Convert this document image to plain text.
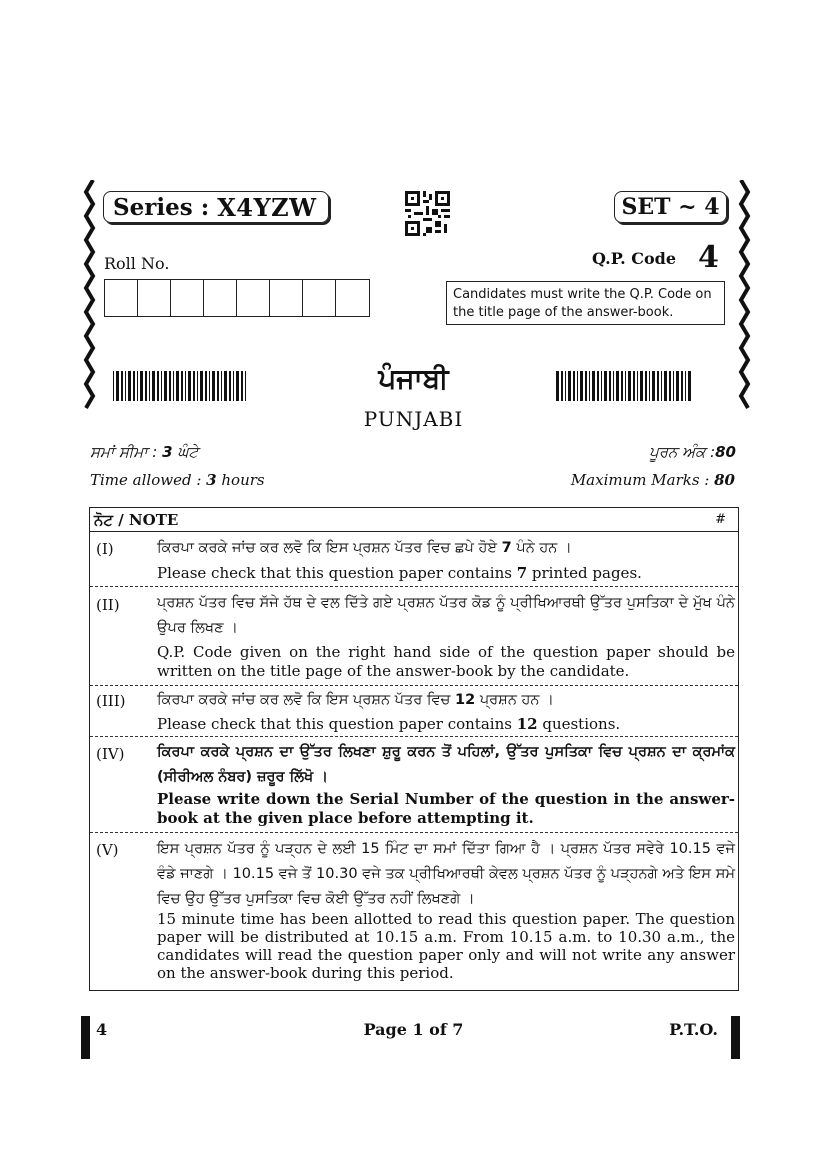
Series : X4YZW	SET ~ 4
Roll No.	Q.P. Code 4
Candidates must write the Q.P. Code on the title page of the answer-book.
ਪੰਜਾਬੀ
PUNJABI
ਸਮਾਂ ਸੀਮਾ : 3 ਘੰਟੇ	ਪੂਰਨ ਅੰਕ :80
Time allowed : 3 hours	Maximum Marks : 80
ਨੋਟ / NOTE	#
(I)	ਕਿਰਪਾ ਕਰਕੇ ਜਾਂਚ ਕਰ ਲਵੋ ਕਿ ਇਸ ਪ੍ਰਸ਼ਨ ਪੱਤਰ ਵਿਚ ਛਪੇ ਹੋਏ 7 ਪੰਨੇ ਹਨ ।
Please check that this question paper contains 7 printed pages.
(II)	ਪ੍ਰਸ਼ਨ ਪੱਤਰ ਵਿਚ ਸੱਜੇ ਹੱਥ ਦੇ ਵਲ ਦਿੱਤੇ ਗਏ ਪ੍ਰਸ਼ਨ ਪੱਤਰ ਕੋਡ ਨੂੰ ਪ੍ਰੀਖਿਆਰਥੀ ਉੱਤਰ ਪੁਸਤਿਕਾ ਦੇ ਮੁੱਖ ਪੰਨੇ ਉਪਰ ਲਿਖਣ ।
Q.P. Code given on the right hand side of the question paper should be written on the title page of the answer-book by the candidate.
(III) ਕਿਰਪਾ ਕਰਕੇ ਜਾਂਚ ਕਰ ਲਵੋ ਕਿ ਇਸ ਪ੍ਰਸ਼ਨ ਪੱਤਰ ਵਿਚ 12 ਪ੍ਰਸ਼ਨ ਹਨ ।
Please check that this question paper contains 12 questions.
(IV) ਕਿਰਪਾ ਕਰਕੇ ਪ੍ਰਸ਼ਨ ਦਾ ਉੱਤਰ ਲਿਖਣਾ ਸ਼ੁਰੂ ਕਰਨ ਤੋਂ ਪਹਿਲਾਂ, ਉੱਤਰ ਪੁਸਤਿਕਾ ਵਿਚ ਪ੍ਰਸ਼ਨ ਦਾ ਕ੍ਰਮਾਂਕ (ਸੀਰੀਅਲ ਨੰਬਰ) ਜ਼ਰੂਰ ਲਿੱਖੋ ।
Please write down the Serial Number of the question in the answer-book at the given place before attempting it.
(V)	ਇਸ ਪ੍ਰਸ਼ਨ ਪੱਤਰ ਨੂੰ ਪੜ੍ਹਨ ਦੇ ਲਈ 15 ਮਿੰਟ ਦਾ ਸਮਾਂ ਦਿੱਤਾ ਗਿਆ ਹੈ । ਪ੍ਰਸ਼ਨ ਪੱਤਰ ਸਵੇਰੇ 10.15 ਵਜੇ ਵੰਡੇ ਜਾਣਗੇ । 10.15 ਵਜੇ ਤੋਂ 10.30 ਵਜੇ ਤਕ ਪ੍ਰੀਖਿਆਰਥੀ ਕੇਵਲ ਪ੍ਰਸ਼ਨ ਪੱਤਰ ਨੂੰ ਪੜ੍ਹਨਗੇ ਅਤੇ ਇਸ ਸਮੇ ਵਿਚ ਉਹ ਉੱਤਰ ਪੁਸਤਿਕਾ ਵਿਚ ਕੋਈ ਉੱਤਰ ਨਹੀਂ ਲਿਖਣਗੇ ।
15 minute time has been allotted to read this question paper. The question paper will be distributed at 10.15 a.m. From 10.15 a.m. to 10.30 a.m., the candidates will read the question paper only and will not write any answer on the answer-book during this period.
4	Page 1 of 7	P.T.O.
